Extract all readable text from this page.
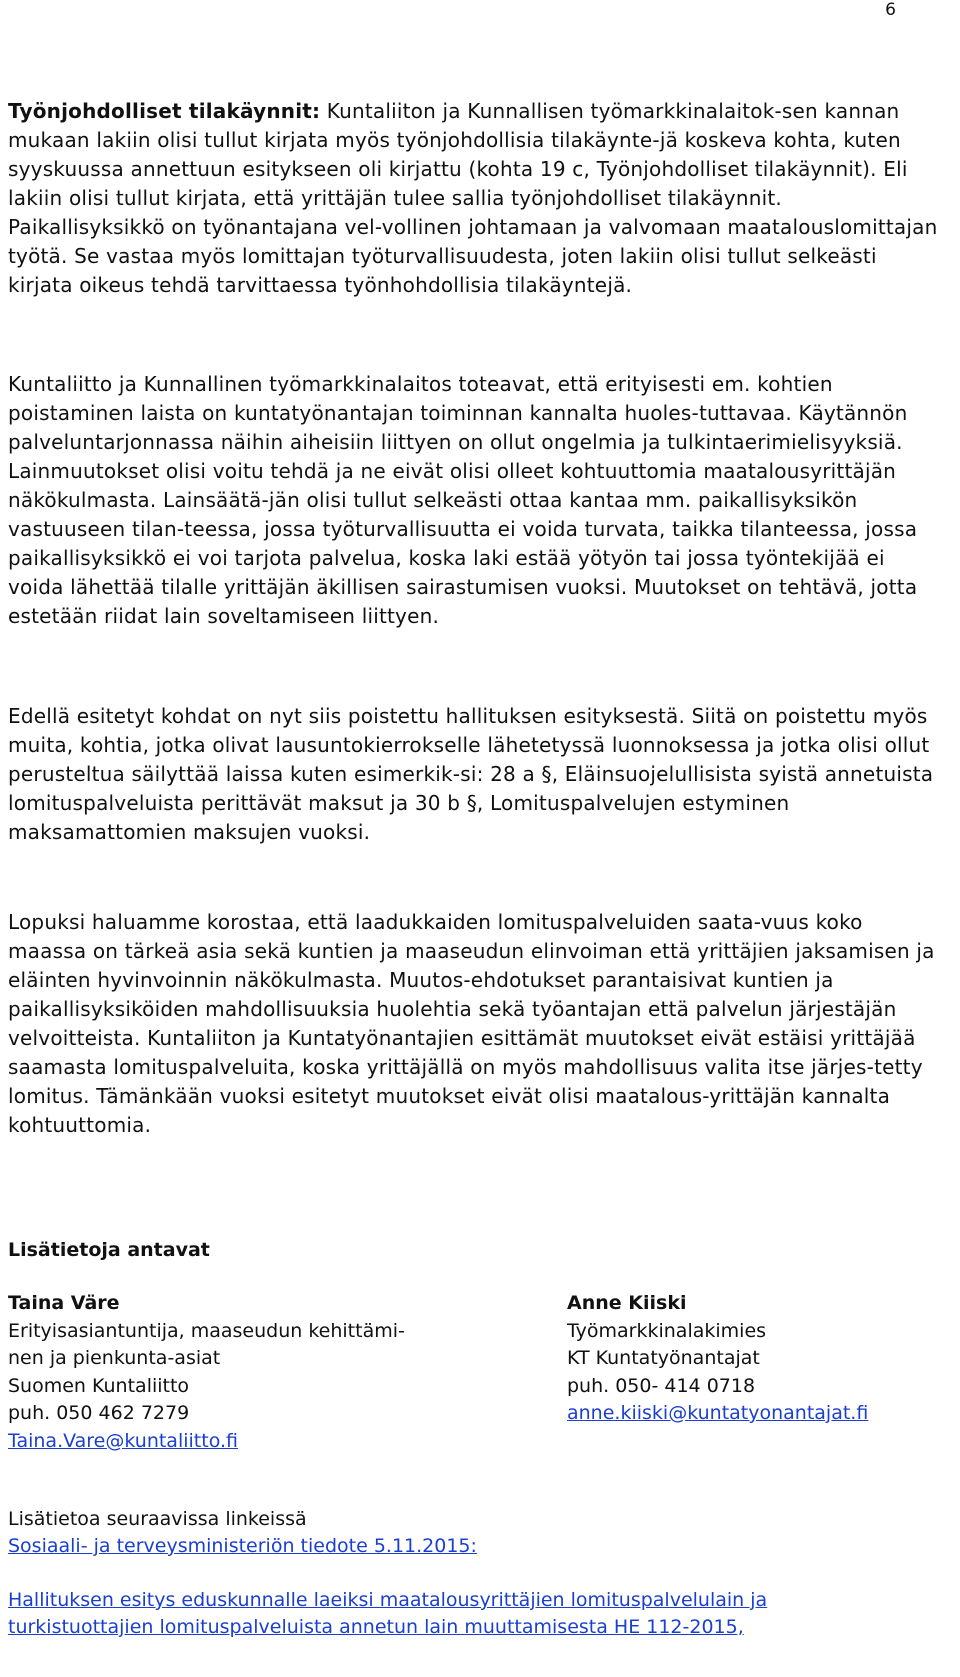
6

Työnjohdolliset tilakäynnit: Kuntaliiton ja Kunnallisen työmarkkinalaitok-sen kannan mukaan lakiin olisi tullut kirjata myös työnjohdollisia tilakäynte-jä koskeva kohta, kuten syyskuussa annettuun esitykseen oli kirjattu (kohta 19 c, Työnjohdolliset tilakäynnit). Eli lakiin olisi tullut kirjata, että yrittäjän tulee sallia työnjohdolliset tilakäynnit. Paikallisyksikkö on työnantajana vel-vollinen johtamaan ja valvomaan maatalouslomittajan työtä. Se vastaa myös lomittajan työturvallisuudesta, joten lakiin olisi tullut selkeästi kirjata oikeus tehdä tarvittaessa työnhohdollisia tilakäyntejä.

Kuntaliitto ja Kunnallinen työmarkkinalaitos toteavat, että erityisesti em. kohtien poistaminen laista on kuntatyönantajan toiminnan kannalta huoles-tuttavaa. Käytännön palveluntarjonnassa näihin aiheisiin liittyen on ollut ongelmia ja tulkintaerimielisyyksiä. Lainmuutokset olisi voitu tehdä ja ne eivät olisi olleet kohtuuttomia maatalousyrittäjän näkökulmasta. Lainsäätä-jän olisi tullut selkeästi ottaa kantaa mm. paikallisyksikön vastuuseen tilan-teessa, jossa työturvallisuutta ei voida turvata, taikka tilanteessa, jossa paikallisyksikkö ei voi tarjota palvelua, koska laki estää yötyön tai jossa työntekijää ei voida lähettää tilalle yrittäjän äkillisen sairastumisen vuoksi. Muutokset on tehtävä, jotta estetään riidat lain soveltamiseen liittyen.

Edellä esitetyt kohdat on nyt siis poistettu hallituksen esityksestä. Siitä on poistettu myös muita, kohtia, jotka olivat lausuntokierrokselle lähetetyssä luonnoksessa ja jotka olisi ollut perusteltua säilyttää laissa kuten esimerkik-si: 28 a §, Eläinsuojelullisista syistä annetuista lomituspalveluista perittävät maksut ja 30 b §, Lomituspalvelujen estyminen maksamattomien maksujen vuoksi.

Lopuksi haluamme korostaa, että laadukkaiden lomituspalveluiden saata-vuus koko maassa on tärkeä asia sekä kuntien ja maaseudun elinvoiman että yrittäjien jaksamisen ja eläinten hyvinvoinnin näkökulmasta. Muutos-ehdotukset parantaisivat kuntien ja paikallisyksiköiden mahdollisuuksia huolehtia sekä työantajan että palvelun järjestäjän velvoitteista. Kuntaliiton ja Kuntatyönantajien esittämät muutokset eivät estäisi yrittäjää saamasta lomituspalveluita, koska yrittäjällä on myös mahdollisuus valita itse järjes-tetty lomitus. Tämänkään vuoksi esitetyt muutokset eivät olisi maatalous-yrittäjän kannalta kohtuuttomia.

Lisätietoja antavat

Taina Väre
Erityisasiantuntija, maaseudun kehittämi-
nen ja pienkunta-asiat
Suomen Kuntaliitto
puh. 050 462 7279
Taina.Vare@kuntaliitto.fi
Anne Kiiski
Työmarkkinalakimies
KT Kuntatyönantajat
puh. 050- 414 0718
anne.kiiski@kuntatyonantajat.fi
Lisätietoa seuraavissa linkeissä
Sosiaali- ja terveysministeriön tiedote 5.11.2015:
Hallituksen esitys eduskunnalle laeiksi maatalousyrittäjien lomituspalvelulain ja turkistuottajien lomituspalveluista annetun lain muuttamisesta HE 112-2015,
